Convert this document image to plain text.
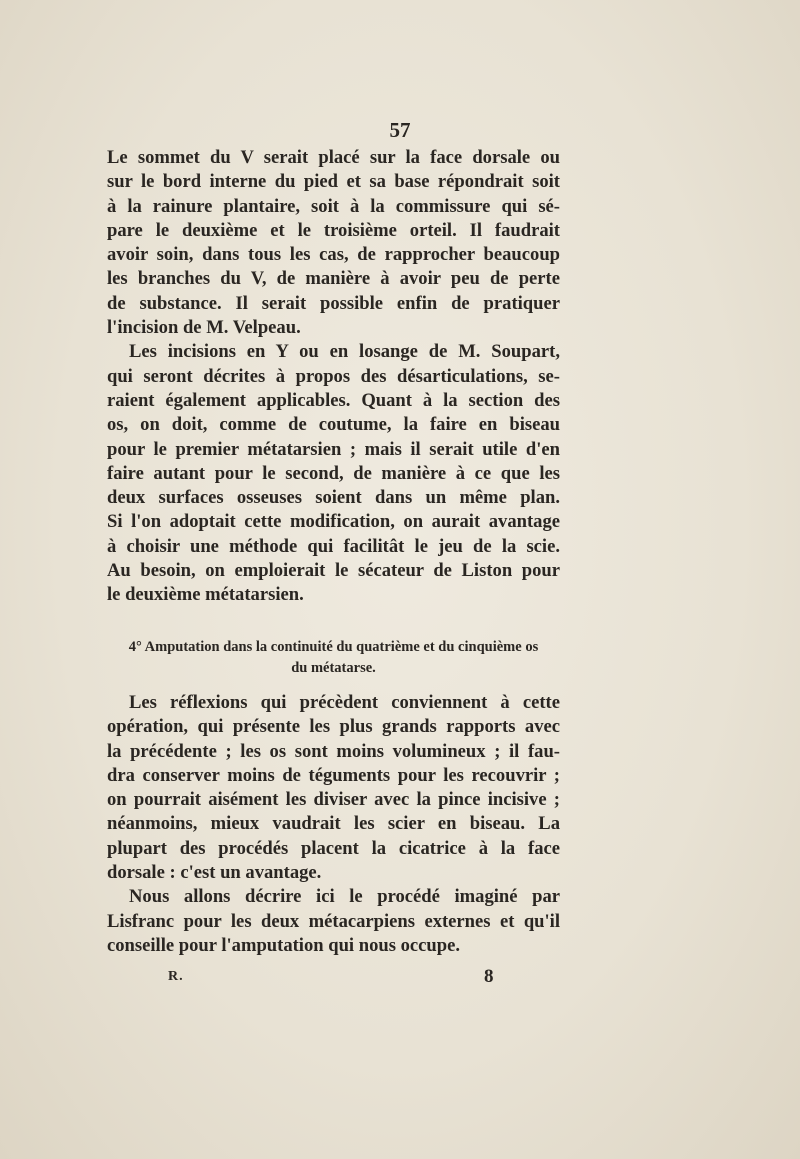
57
Le sommet du V serait placé sur la face dorsale ou
sur le bord interne du pied et sa base répondrait soit
à la rainure plantaire, soit à la commissure qui sé-
pare le deuxième et le troisième orteil. Il faudrait
avoir soin, dans tous les cas, de rapprocher beaucoup
les branches du V, de manière à avoir peu de perte
de substance. Il serait possible enfin de pratiquer
l'incision de M. Velpeau.
Les incisions en Y ou en losange de M. Soupart,
qui seront décrites à propos des désarticulations, se-
raient également applicables. Quant à la section des
os, on doit, comme de coutume, la faire en biseau
pour le premier métatarsien ; mais il serait utile d'en
faire autant pour le second, de manière à ce que les
deux surfaces osseuses soient dans un même plan.
Si l'on adoptait cette modification, on aurait avantage
à choisir une méthode qui facilitât le jeu de la scie.
Au besoin, on emploierait le sécateur de Liston pour
le deuxième métatarsien.
4° Amputation dans la continuité du quatrième et du cinquième os
du métatarse.
Les réflexions qui précèdent conviennent à cette
opération, qui présente les plus grands rapports avec
la précédente ; les os sont moins volumineux ; il fau-
dra conserver moins de téguments pour les recouvrir ;
on pourrait aisément les diviser avec la pince incisive ;
néanmoins, mieux vaudrait les scier en biseau. La
plupart des procédés placent la cicatrice à la face
dorsale : c'est un avantage.
Nous allons décrire ici le procédé imaginé par
Lisfranc pour les deux métacarpiens externes et qu'il
conseille pour l'amputation qui nous occupe.
R.	8
